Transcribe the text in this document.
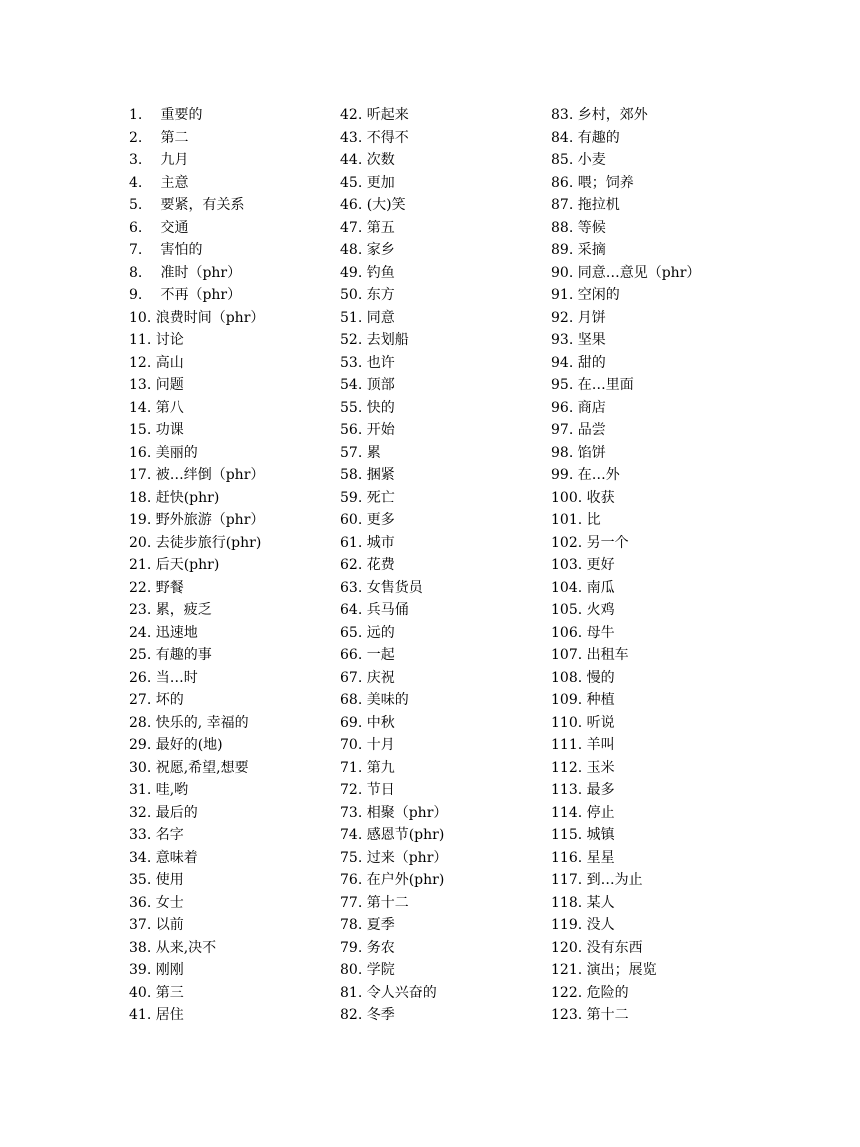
1. 重要的
2. 第二
3. 九月
4. 主意
5. 要紧，有关系
6. 交通
7. 害怕的
8. 准时（phr）
9. 不再（phr）
10. 浪费时间（phr）
11. 讨论
12. 高山
13. 问题
14. 第八
15. 功课
16. 美丽的
17. 被…绊倒（phr）
18. 赶快(phr)
19. 野外旅游（phr）
20. 去徒步旅行(phr)
21. 后天(phr)
22. 野餐
23. 累，疲乏
24. 迅速地
25. 有趣的事
26. 当…时
27. 坏的
28. 快乐的, 幸福的
29. 最好的(地)
30. 祝愿,希望,想要
31. 哇,哟
32. 最后的
33. 名字
34. 意味着
35. 使用
36. 女士
37. 以前
38. 从来,决不
39. 刚刚
40. 第三
41. 居住
42. 听起来
43. 不得不
44. 次数
45. 更加
46. (大)笑
47. 第五
48. 家乡
49. 钓鱼
50. 东方
51. 同意
52. 去划船
53. 也许
54. 顶部
55. 快的
56. 开始
57. 累
58. 捆紧
59. 死亡
60. 更多
61. 城市
62. 花费
63. 女售货员
64. 兵马俑
65. 远的
66. 一起
67. 庆祝
68. 美味的
69. 中秋
70. 十月
71. 第九
72. 节日
73. 相聚（phr）
74. 感恩节(phr)
75. 过来（phr）
76. 在户外(phr)
77. 第十二
78. 夏季
79. 务农
80. 学院
81. 令人兴奋的
82. 冬季
83. 乡村，郊外
84. 有趣的
85. 小麦
86. 喂；饲养
87. 拖拉机
88. 等候
89. 采摘
90. 同意…意见（phr）
91. 空闲的
92. 月饼
93. 坚果
94. 甜的
95. 在…里面
96. 商店
97. 品尝
98. 馅饼
99. 在…外
100. 收获
101. 比
102. 另一个
103. 更好
104. 南瓜
105. 火鸡
106. 母牛
107. 出租车
108. 慢的
109. 种植
110. 听说
111. 羊叫
112. 玉米
113. 最多
114. 停止
115. 城镇
116. 星星
117. 到…为止
118. 某人
119. 没人
120. 没有东西
121. 演出；展览
122. 危险的
123. 第十二
